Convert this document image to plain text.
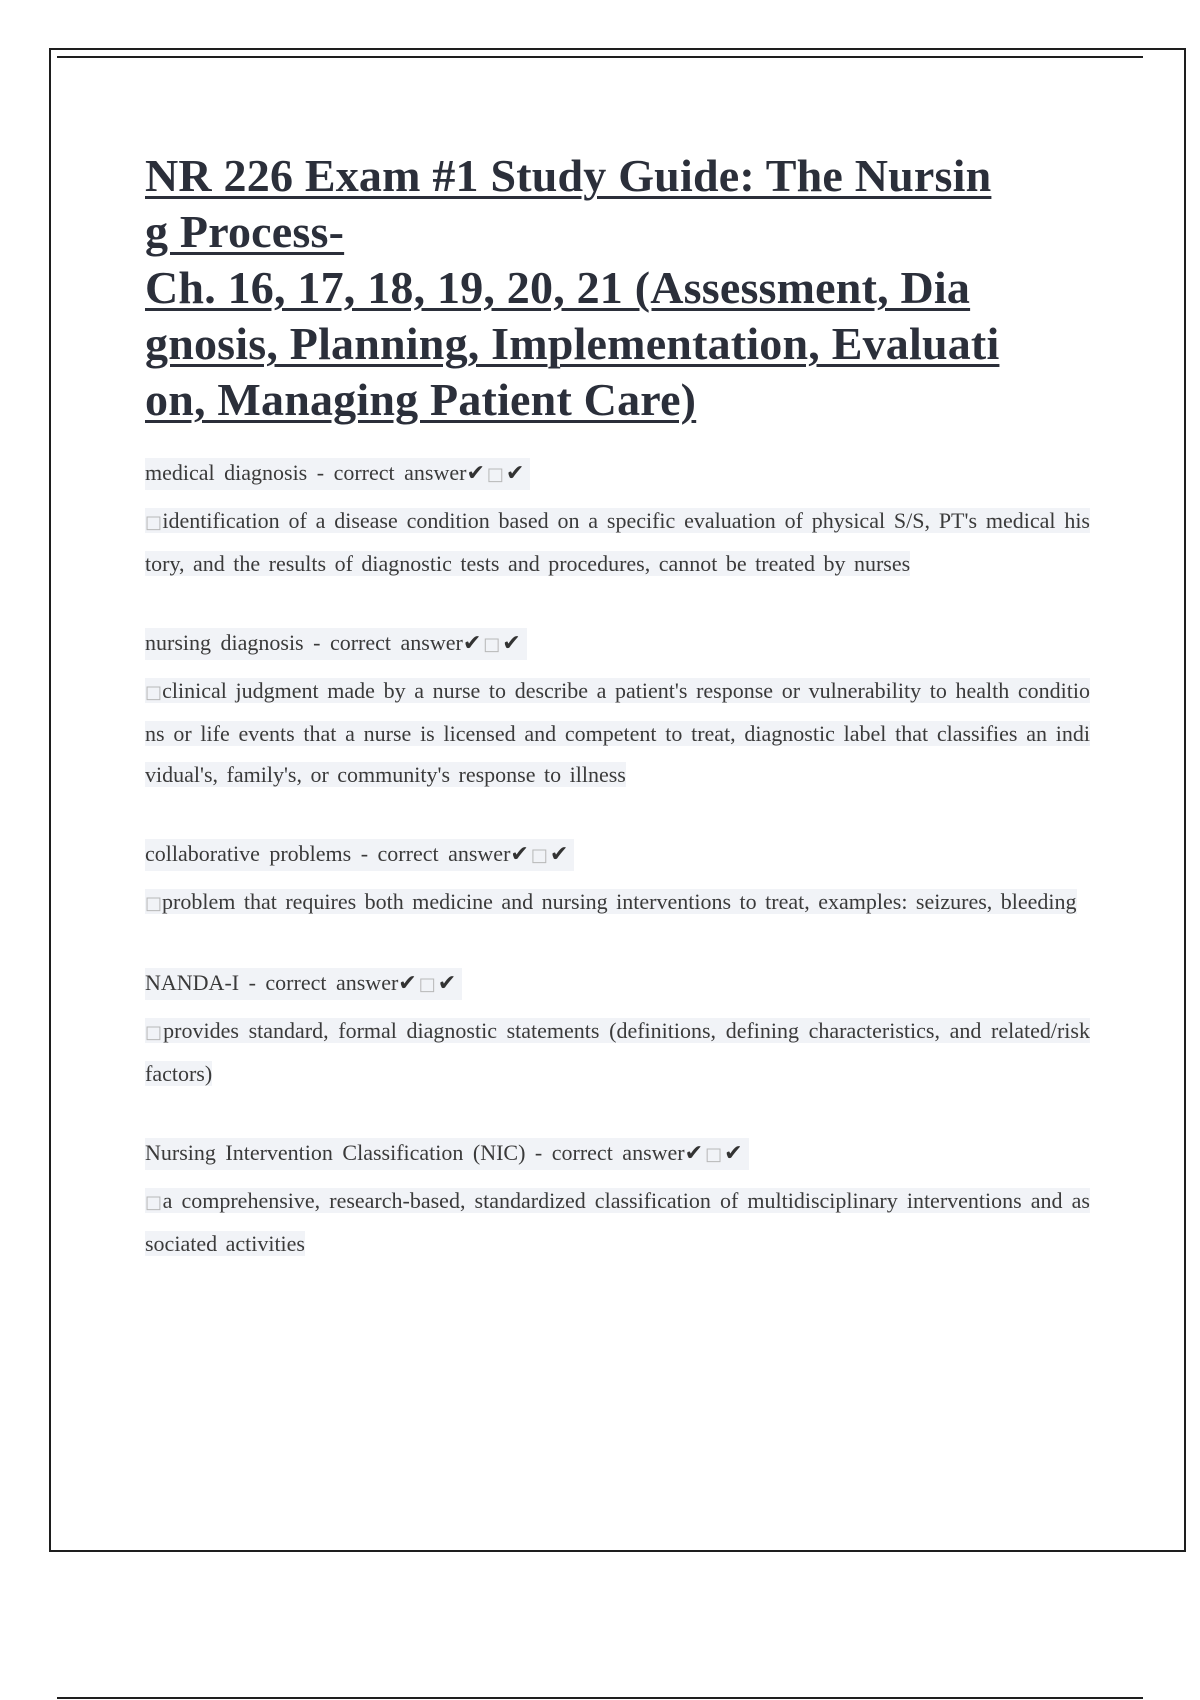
NR 226 Exam #1 Study Guide: The Nursin
g Process-
Ch. 16, 17, 18, 19, 20, 21 (Assessment, Dia
gnosis, Planning, Implementation, Evaluati
on, Managing Patient Care)
medical diagnosis - correct answer✔ □✔
□identification of a disease condition based on a specific evaluation of physical S/S, PT's medical history, and the results of diagnostic tests and procedures, cannot be treated by nurses
nursing diagnosis - correct answer✔ □✔
□clinical judgment made by a nurse to describe a patient's response or vulnerability to health conditions or life events that a nurse is licensed and competent to treat, diagnostic label that classifies an individual's, family's, or community's response to illness
collaborative problems - correct answer✔ □✔
□problem that requires both medicine and nursing interventions to treat, examples: seizures, bleeding
NANDA-I - correct answer✔ □✔
□provides standard, formal diagnostic statements (definitions, defining characteristics, and related/risk factors)
Nursing Intervention Classification (NIC) - correct answer✔ □✔
□a comprehensive, research-based, standardized classification of multidisciplinary interventions and associated activities
